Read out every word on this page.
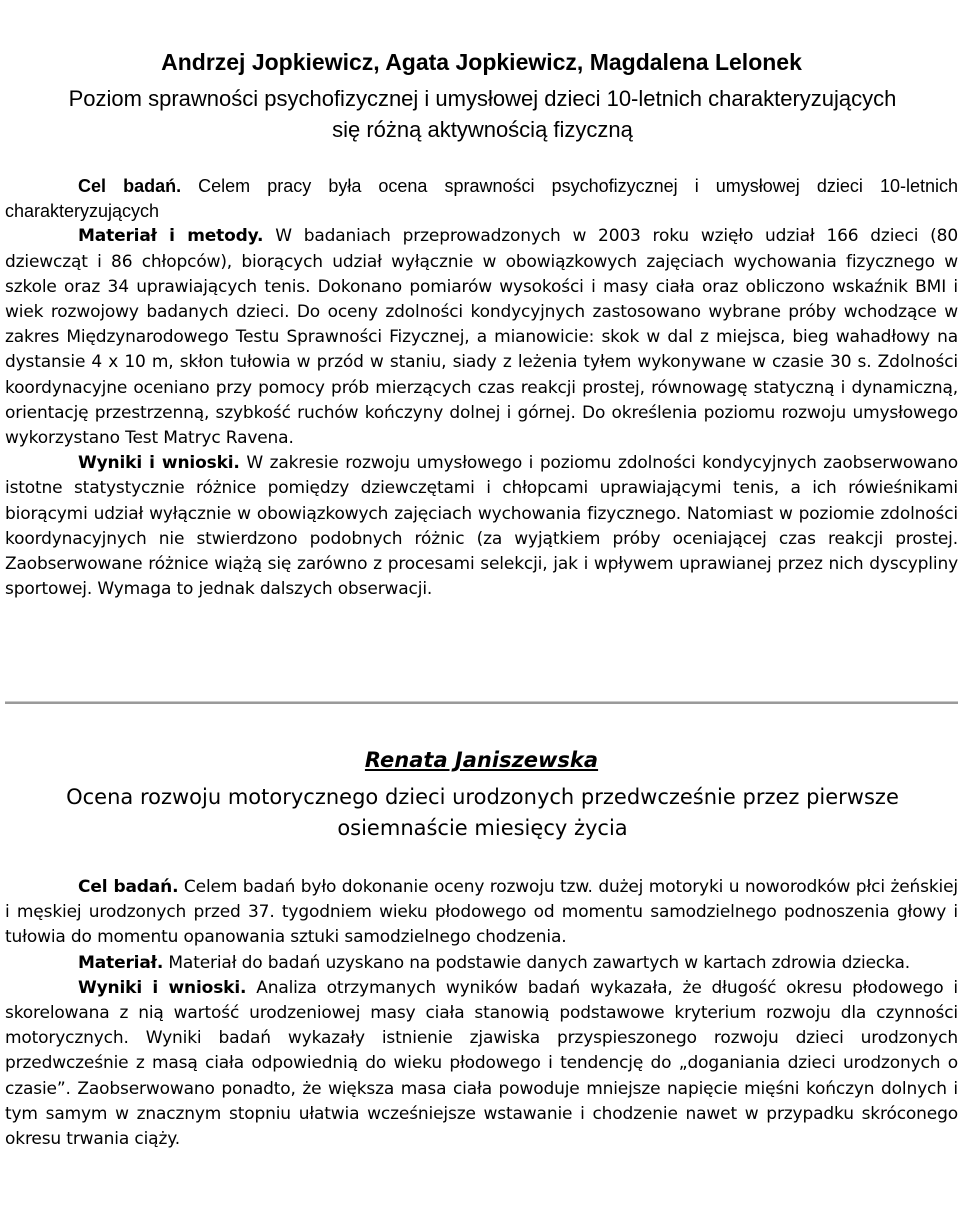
Andrzej Jopkiewicz, Agata Jopkiewicz, Magdalena Lelonek
Poziom sprawności psychofizycznej i umysłowej dzieci 10-letnich charakteryzujących się różną aktywnością fizyczną

Cel badań. Celem pracy była ocena sprawności psychofizycznej i umysłowej dzieci 10-letnich charakteryzujących

Materiał i metody. W badaniach przeprowadzonych w 2003 roku wzięło udział 166 dzieci (80 dziewcząt i 86 chłopców), biorących udział wyłącznie w obowiązkowych zajęciach wychowania fizycznego w szkole oraz 34 uprawiających tenis. Dokonano pomiarów wysokości i masy ciała oraz obliczono wskaźnik BMI i wiek rozwojowy badanych dzieci. Do oceny zdolności kondycyjnych zastosowano wybrane próby wchodzące w zakres Międzynarodowego Testu Sprawności Fizycznej, a mianowicie: skok w dal z miejsca, bieg wahadłowy na dystansie 4 x 10 m, skłon tułowia w przód w staniu, siady z leżenia tyłem wykonywane w czasie 30 s. Zdolności koordynacyjne oceniano przy pomocy prób mierzących czas reakcji prostej, równowagę statyczną i dynamiczną, orientację przestrzenną, szybkość ruchów kończyny dolnej i górnej. Do określenia poziomu rozwoju umysłowego wykorzystano Test Matryc Ravena.

Wyniki i wnioski. W zakresie rozwoju umysłowego i poziomu zdolności kondycyjnych zaobserwowano istotne statystycznie różnice pomiędzy dziewczętami i chłopcami uprawiającymi tenis, a ich rówieśnikami biorącymi udział wyłącznie w obowiązkowych zajęciach wychowania fizycznego. Natomiast w poziomie zdolności koordynacyjnych nie stwierdzono podobnych różnic (za wyjątkiem próby oceniającej czas reakcji prostej. Zaobserwowane różnice wiążą się zarówno z procesami selekcji, jak i wpływem uprawianej przez nich dyscypliny sportowej. Wymaga to jednak dalszych obserwacji.

Renata Janiszewska
Ocena rozwoju motorycznego dzieci urodzonych przedwcześnie przez pierwsze osiemnaście miesięcy życia

Cel badań. Celem badań było dokonanie oceny rozwoju tzw. dużej motoryki u noworodków płci żeńskiej i męskiej urodzonych przed 37. tygodniem wieku płodowego od momentu samodzielnego podnoszenia głowy i tułowia do momentu opanowania sztuki samodzielnego chodzenia.

Materiał. Materiał do badań uzyskano na podstawie danych zawartych w kartach zdrowia dziecka.

Wyniki i wnioski. Analiza otrzymanych wyników badań wykazała, że długość okresu płodowego i skorelowana z nią wartość urodzeniowej masy ciała stanowią podstawowe kryterium rozwoju dla czynności motorycznych. Wyniki badań wykazały istnienie zjawiska przyspieszonego rozwoju dzieci urodzonych przedwcześnie z masą ciała odpowiednią do wieku płodowego i tendencję do „doganiania dzieci urodzonych o czasie”. Zaobserwowano ponadto, że większa masa ciała powoduje mniejsze napięcie mięśni kończyn dolnych i tym samym w znacznym stopniu ułatwia wcześniejsze wstawanie i chodzenie nawet w przypadku skróconego okresu trwania ciąży.
